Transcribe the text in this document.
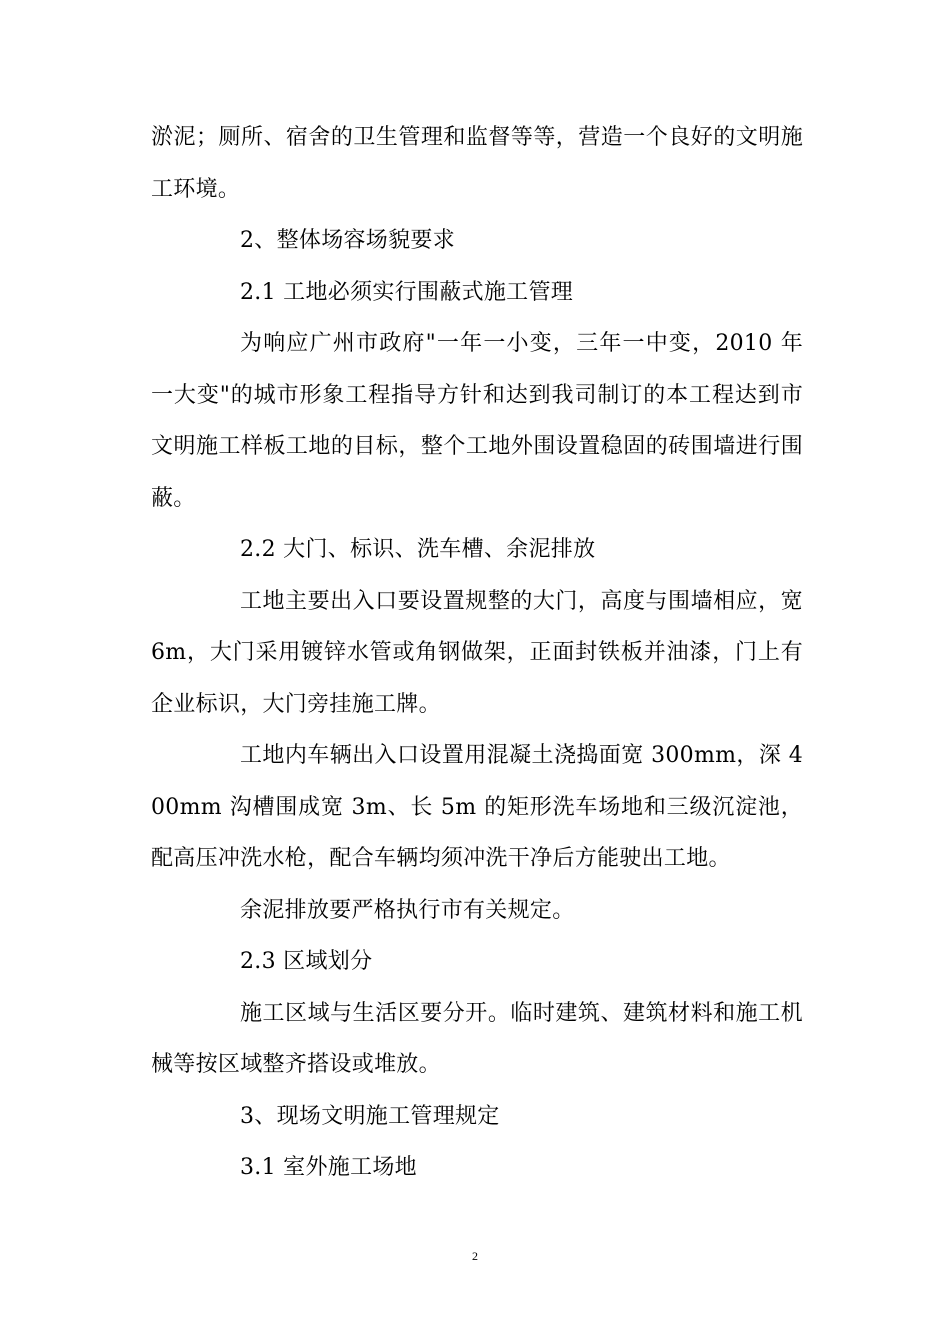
淤泥；厕所、宿舍的卫生管理和监督等等，营造一个良好的文明施工环境。

2、整体场容场貌要求

2.1 工地必须实行围蔽式施工管理

为响应广州市政府"一年一小变，三年一中变，2010 年一大变"的城市形象工程指导方针和达到我司制订的本工程达到市文明施工样板工地的目标，整个工地外围设置稳固的砖围墙进行围蔽。

2.2 大门、标识、洗车槽、余泥排放

工地主要出入口要设置规整的大门，高度与围墙相应，宽 6m，大门采用镀锌水管或角钢做架，正面封铁板并油漆，门上有企业标识，大门旁挂施工牌。

工地内车辆出入口设置用混凝土浇捣面宽 300mm，深 400mm 沟槽围成宽 3m、长 5m 的矩形洗车场地和三级沉淀池，配高压冲洗水枪，配合车辆均须冲洗干净后方能驶出工地。

余泥排放要严格执行市有关规定。

2.3 区域划分

施工区域与生活区要分开。临时建筑、建筑材料和施工机械等按区域整齐搭设或堆放。

3、现场文明施工管理规定

3.1 室外施工场地

2
